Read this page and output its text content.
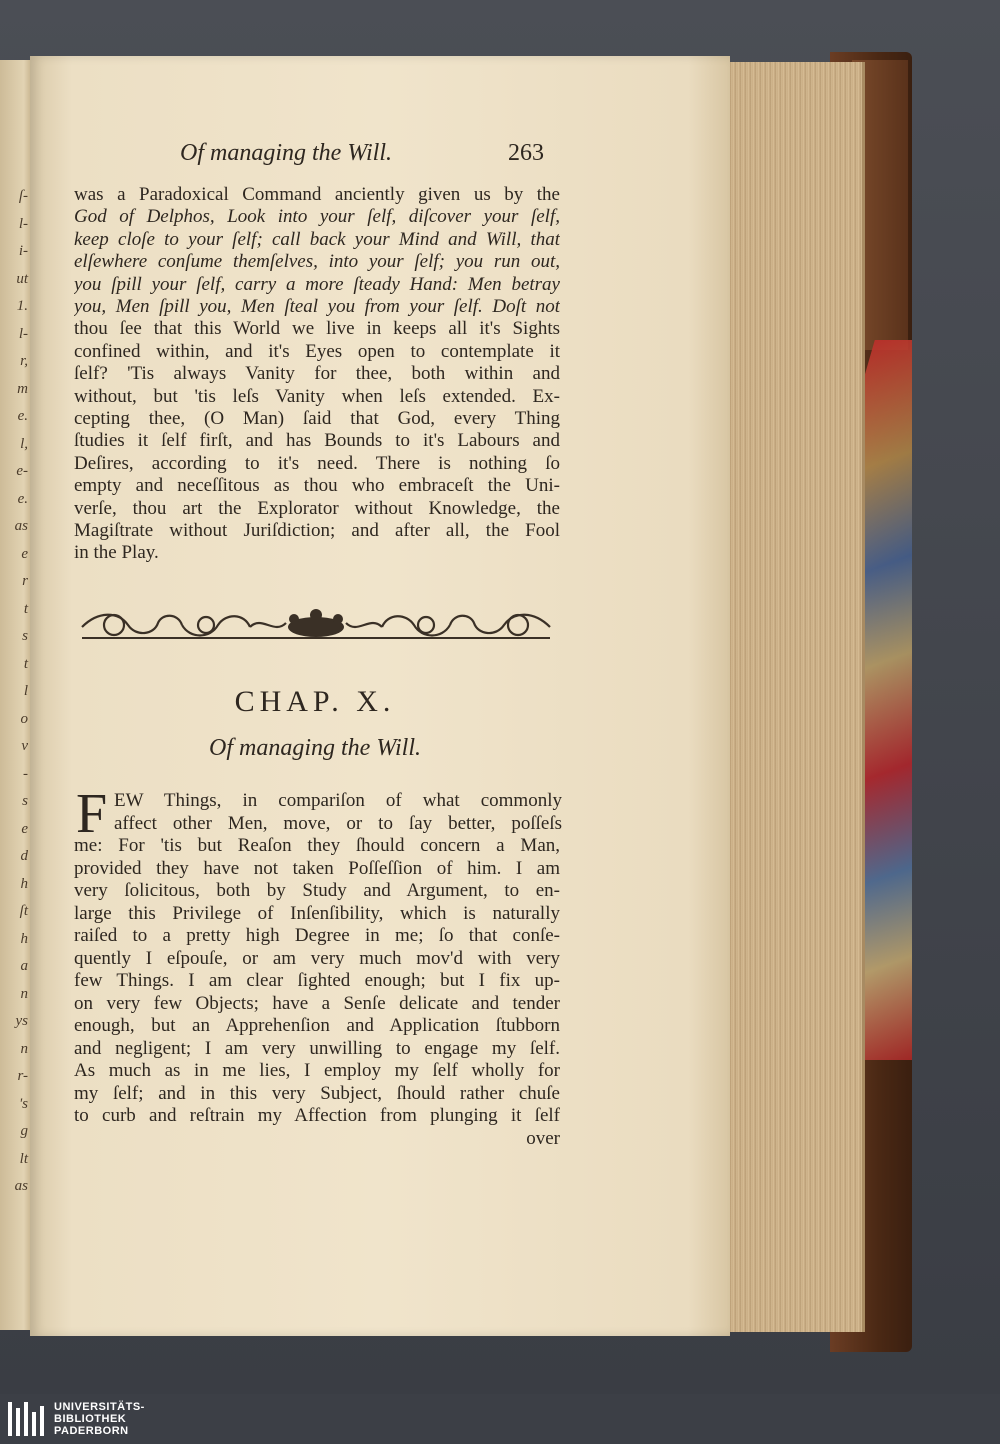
ſ-
l-
i-
ut
1.
l-
r,
m
e.
l,
e-
e.
as
e
r
t
s
t
l
o
v
-
s
e
d
h
ſt
h
a
n
ys
n
r-
's
g
lt
as
Of managing the Will.	263
was a Paradoxical Command anciently given us by the
God of Delphos, Look into your ſelf, diſcover your ſelf,
keep cloſe to your ſelf; call back your Mind and Will, that
elſewhere conſume themſelves, into your ſelf; you run out,
you ſpill your ſelf, carry a more ſteady Hand: Men betray
you, Men ſpill you, Men ſteal you from your ſelf. Doſt not
thou ſee that this World we live in keeps all it's Sights
confined within, and it's Eyes open to contemplate it
ſelf? 'Tis always Vanity for thee, both within and
without, but 'tis leſs Vanity when leſs extended. Ex-
cepting thee, (O Man) ſaid that God, every Thing
ſtudies it ſelf firſt, and has Bounds to it's Labours and
Deſires, according to it's need. There is nothing ſo
empty and neceſſitous as thou who embraceſt the Uni-
verſe, thou art the Explorator without Knowledge, the
Magiſtrate without Juriſdiction; and after all, the Fool
in the Play.
CHAP. X.
Of managing the Will.
F EW Things, in compariſon of what commonly
affect other Men, move, or to ſay better, poſſeſs
me: For 'tis but Reaſon they ſhould concern a Man,
provided they have not taken Poſſeſſion of him. I am
very ſolicitous, both by Study and Argument, to en-
large this Privilege of Inſenſibility, which is naturally
raiſed to a pretty high Degree in me; ſo that conſe-
quently I eſpouſe, or am very much mov'd with very
few Things. I am clear ſighted enough; but I fix up-
on very few Objects; have a Senſe delicate and tender
enough, but an Apprehenſion and Application ſtubborn
and negligent; I am very unwilling to engage my ſelf.
As much as in me lies, I employ my ſelf wholly for
my ſelf; and in this very Subject, ſhould rather chuſe
to curb and reſtrain my Affection from plunging it ſelf
over
UNIVERSITÄTS-
BIBLIOTHEK
PADERBORN
